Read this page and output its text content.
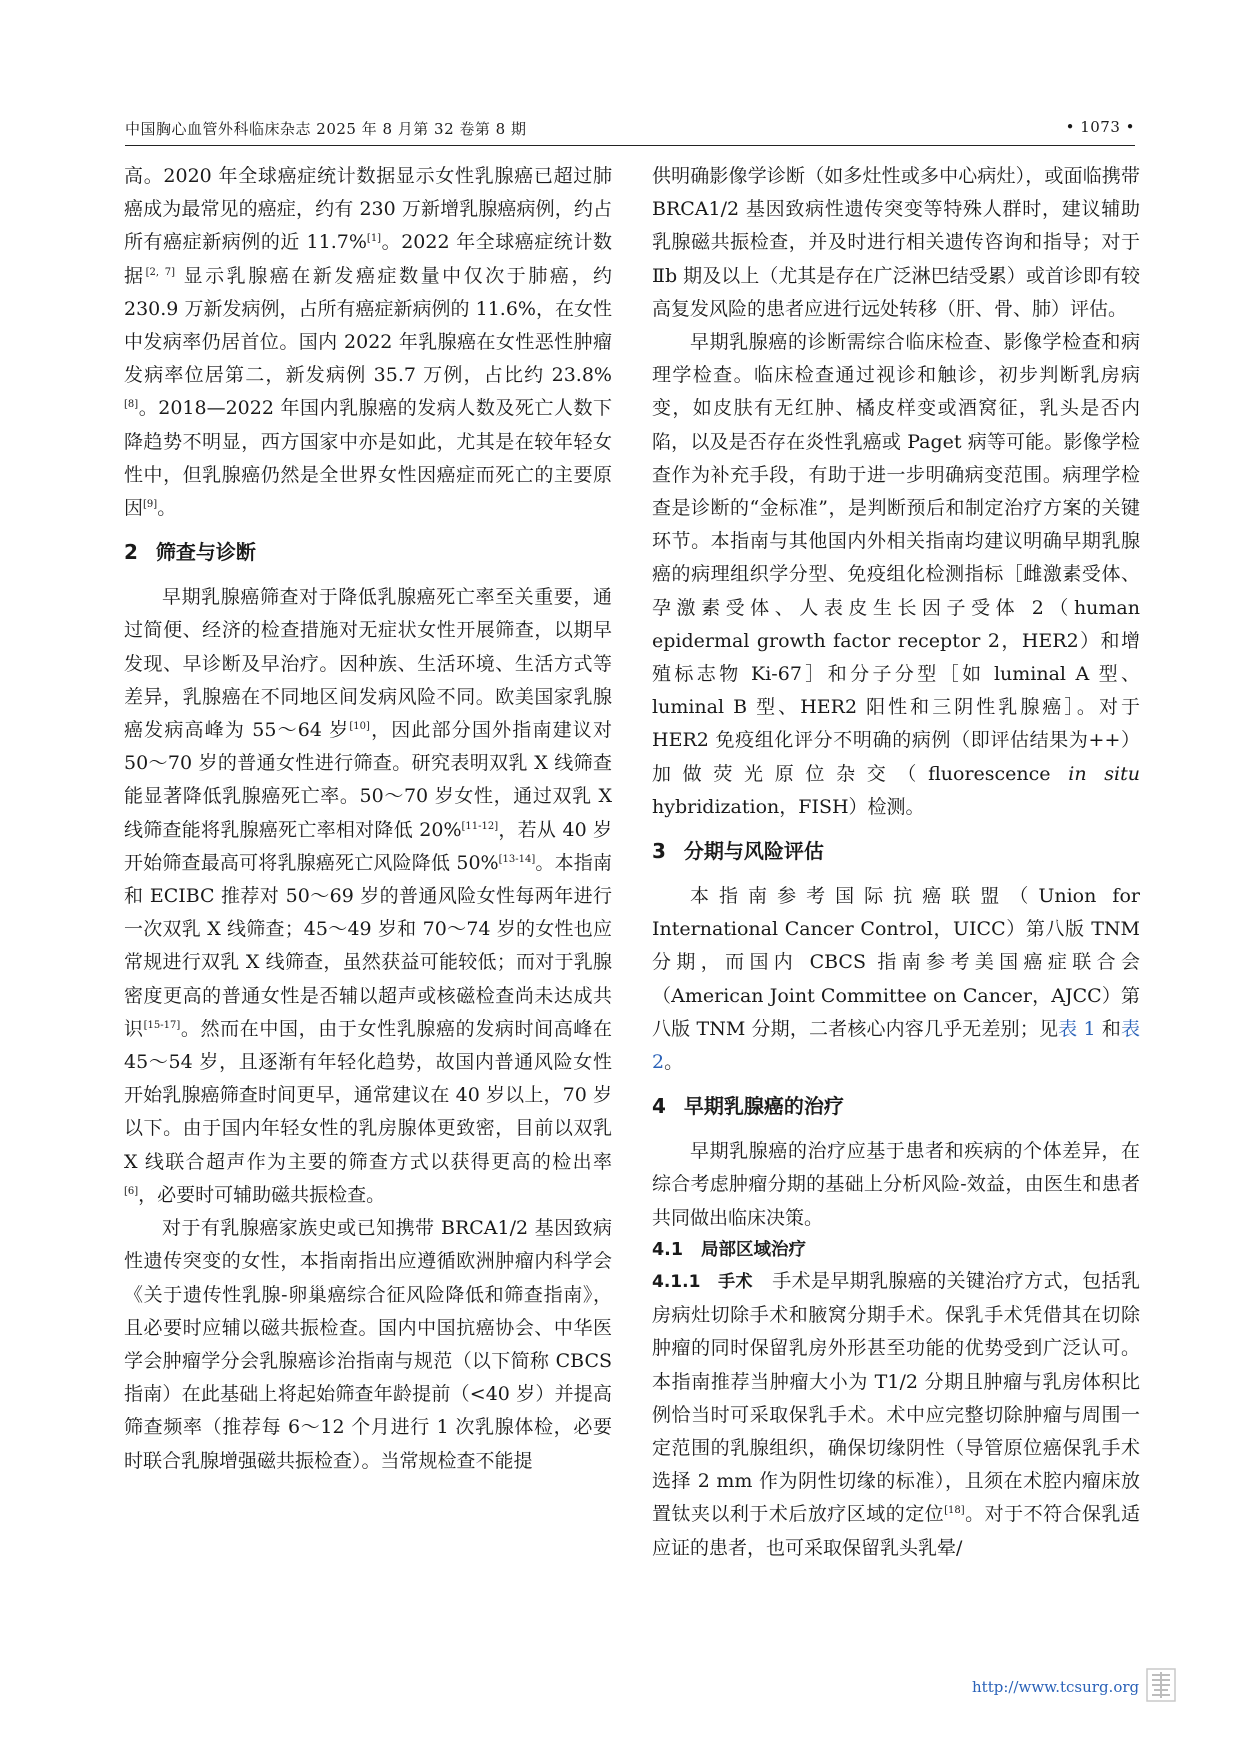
中国胸心血管外科临床杂志 2025 年 8 月第 32 卷第 8 期	• 1073 •

高。2020 年全球癌症统计数据显示女性乳腺癌已超过肺癌成为最常见的癌症，约有 230 万新增乳腺癌病例，约占所有癌症新病例的近 11.7%[1]。2022 年全球癌症统计数据[2, 7] 显示乳腺癌在新发癌症数量中仅次于肺癌，约 230.9 万新发病例，占所有癌症新病例的 11.6%，在女性中发病率仍居首位。国内 2022 年乳腺癌在女性恶性肿瘤发病率位居第二，新发病例 35.7 万例，占比约 23.8%[8]。2018—2022 年国内乳腺癌的发病人数及死亡人数下降趋势不明显，西方国家中亦是如此，尤其是在较年轻女性中，但乳腺癌仍然是全世界女性因癌症而死亡的主要原因[9]。

2 筛查与诊断

早期乳腺癌筛查对于降低乳腺癌死亡率至关重要，通过简便、经济的检查措施对无症状女性开展筛查，以期早发现、早诊断及早治疗。因种族、生活环境、生活方式等差异，乳腺癌在不同地区间发病风险不同。欧美国家乳腺癌发病高峰为 55～64 岁[10]，因此部分国外指南建议对 50～70 岁的普通女性进行筛查。研究表明双乳 X 线筛查能显著降低乳腺癌死亡率。50～70 岁女性，通过双乳 X 线筛查能将乳腺癌死亡率相对降低 20%[11-12]，若从 40 岁开始筛查最高可将乳腺癌死亡风险降低 50%[13-14]。本指南和 ECIBC 推荐对 50～69 岁的普通风险女性每两年进行一次双乳 X 线筛查；45～49 岁和 70～74 岁的女性也应常规进行双乳 X 线筛查，虽然获益可能较低；而对于乳腺密度更高的普通女性是否辅以超声或核磁检查尚未达成共识[15-17]。然而在中国，由于女性乳腺癌的发病时间高峰在 45～54 岁，且逐渐有年轻化趋势，故国内普通风险女性开始乳腺癌筛查时间更早，通常建议在 40 岁以上，70 岁以下。由于国内年轻女性的乳房腺体更致密，目前以双乳 X 线联合超声作为主要的筛查方式以获得更高的检出率[6]，必要时可辅助磁共振检查。

对于有乳腺癌家族史或已知携带 BRCA1/2 基因致病性遗传突变的女性，本指南指出应遵循欧洲肿瘤内科学会《关于遗传性乳腺-卵巢癌综合征风险降低和筛查指南》，且必要时应辅以磁共振检查。国内中国抗癌协会、中华医学会肿瘤学分会乳腺癌诊治指南与规范（以下简称 CBCS 指南）在此基础上将起始筛查年龄提前（<40 岁）并提高筛查频率（推荐每 6～12 个月进行 1 次乳腺体检，必要时联合乳腺增强磁共振检查）。当常规检查不能提

供明确影像学诊断（如多灶性或多中心病灶），或面临携带 BRCA1/2 基因致病性遗传突变等特殊人群时，建议辅助乳腺磁共振检查，并及时进行相关遗传咨询和指导；对于Ⅱb 期及以上（尤其是存在广泛淋巴结受累）或首诊即有较高复发风险的患者应进行远处转移（肝、骨、肺）评估。

早期乳腺癌的诊断需综合临床检查、影像学检查和病理学检查。临床检查通过视诊和触诊，初步判断乳房病变，如皮肤有无红肿、橘皮样变或酒窝征，乳头是否内陷，以及是否存在炎性乳癌或 Paget 病等可能。影像学检查作为补充手段，有助于进一步明确病变范围。病理学检查是诊断的“金标准”，是判断预后和制定治疗方案的关键环节。本指南与其他国内外相关指南均建议明确早期乳腺癌的病理组织学分型、免疫组化检测指标［雌激素受体、孕激素受体、人表皮生长因子受体 2（human epidermal growth factor receptor 2，HER2）和增殖标志物 Ki-67］和分子分型［如 luminal A 型、luminal B 型、HER2 阳性和三阴性乳腺癌］。对于 HER2 免疫组化评分不明确的病例（即评估结果为++）加做荧光原位杂交（fluorescence in situ hybridization，FISH）检测。

3 分期与风险评估

本指南参考国际抗癌联盟（Union for International Cancer Control，UICC）第八版 TNM 分期，而国内 CBCS 指南参考美国癌症联合会（American Joint Committee on Cancer，AJCC）第八版 TNM 分期，二者核心内容几乎无差别；见表 1 和表 2。

4 早期乳腺癌的治疗

早期乳腺癌的治疗应基于患者和疾病的个体差异，在综合考虑肿瘤分期的基础上分析风险-效益，由医生和患者共同做出临床决策。

4.1 局部区域治疗

4.1.1　手术　手术是早期乳腺癌的关键治疗方式，包括乳房病灶切除手术和腋窝分期手术。保乳手术凭借其在切除肿瘤的同时保留乳房外形甚至功能的优势受到广泛认可。本指南推荐当肿瘤大小为 T1/2 分期且肿瘤与乳房体积比例恰当时可采取保乳手术。术中应完整切除肿瘤与周围一定范围的乳腺组织，确保切缘阴性（导管原位癌保乳手术选择 2 mm 作为阴性切缘的标准），且须在术腔内瘤床放置钛夹以利于术后放疗区域的定位[18]。对于不符合保乳适应证的患者，也可采取保留乳头乳晕/

http://www.tcsurg.org
